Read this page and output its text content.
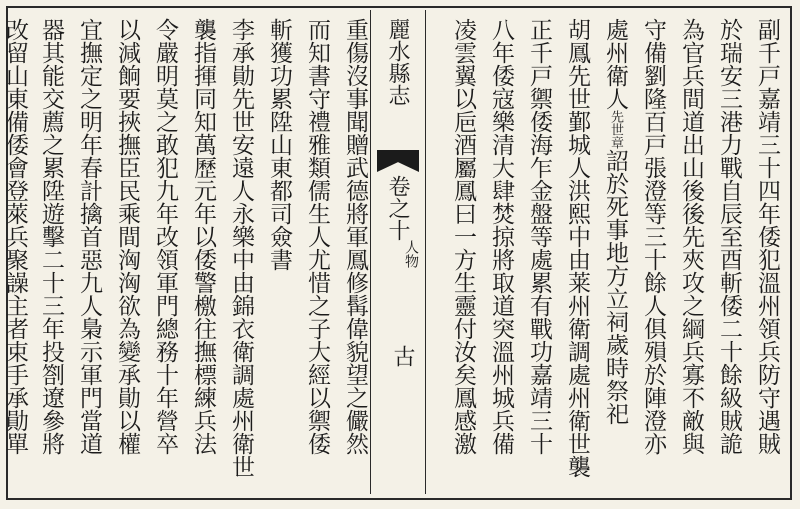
麗水縣志
卷之十
人物
古	副千戸嘉靖三十四年倭犯溫州領兵防守遇賊
於瑞安三港力戰自辰至酉斬倭二十餘級賊詭
為官兵間道出山後後先夾攻之綱兵寡不敵與
守備劉隆百戸張澄等三十餘人俱殞於陣澄亦
處州衛人先世章詔於死事地方立祠歲時祭祀
胡鳳先世鄞城人洪熙中由莱州衛調處州衛世襲
正千戸禦倭海乍金盤等處累有戰功嘉靖三十
八年倭寇樂清大肆焚掠將取道突溫州城兵備
凌雲翼以巵酒屬鳳曰一方生靈付汝矣鳳感激
重傷沒事聞贈武德將軍鳳修髯偉貌望之儼然
而知書守禮雅類儒生人尤惜之子大經以禦倭
斬獲功累陞山東都司僉書
李承勛先世安遠人永樂中由錦衣衛調處州衛世
襲指揮同知萬歷元年以倭警檄往撫標練兵法
令嚴明莫之敢犯九年改領軍門總務十年營卒
以減餉要挾撫臣民乘間洶洶欲為變承勛以權
宜撫定之明年春計擒首惡九人梟示軍門當道
器其能交薦之累陞遊擊二十三年投劄遼參將
改留山東備倭會登萊兵聚譟主者束手承勛單
